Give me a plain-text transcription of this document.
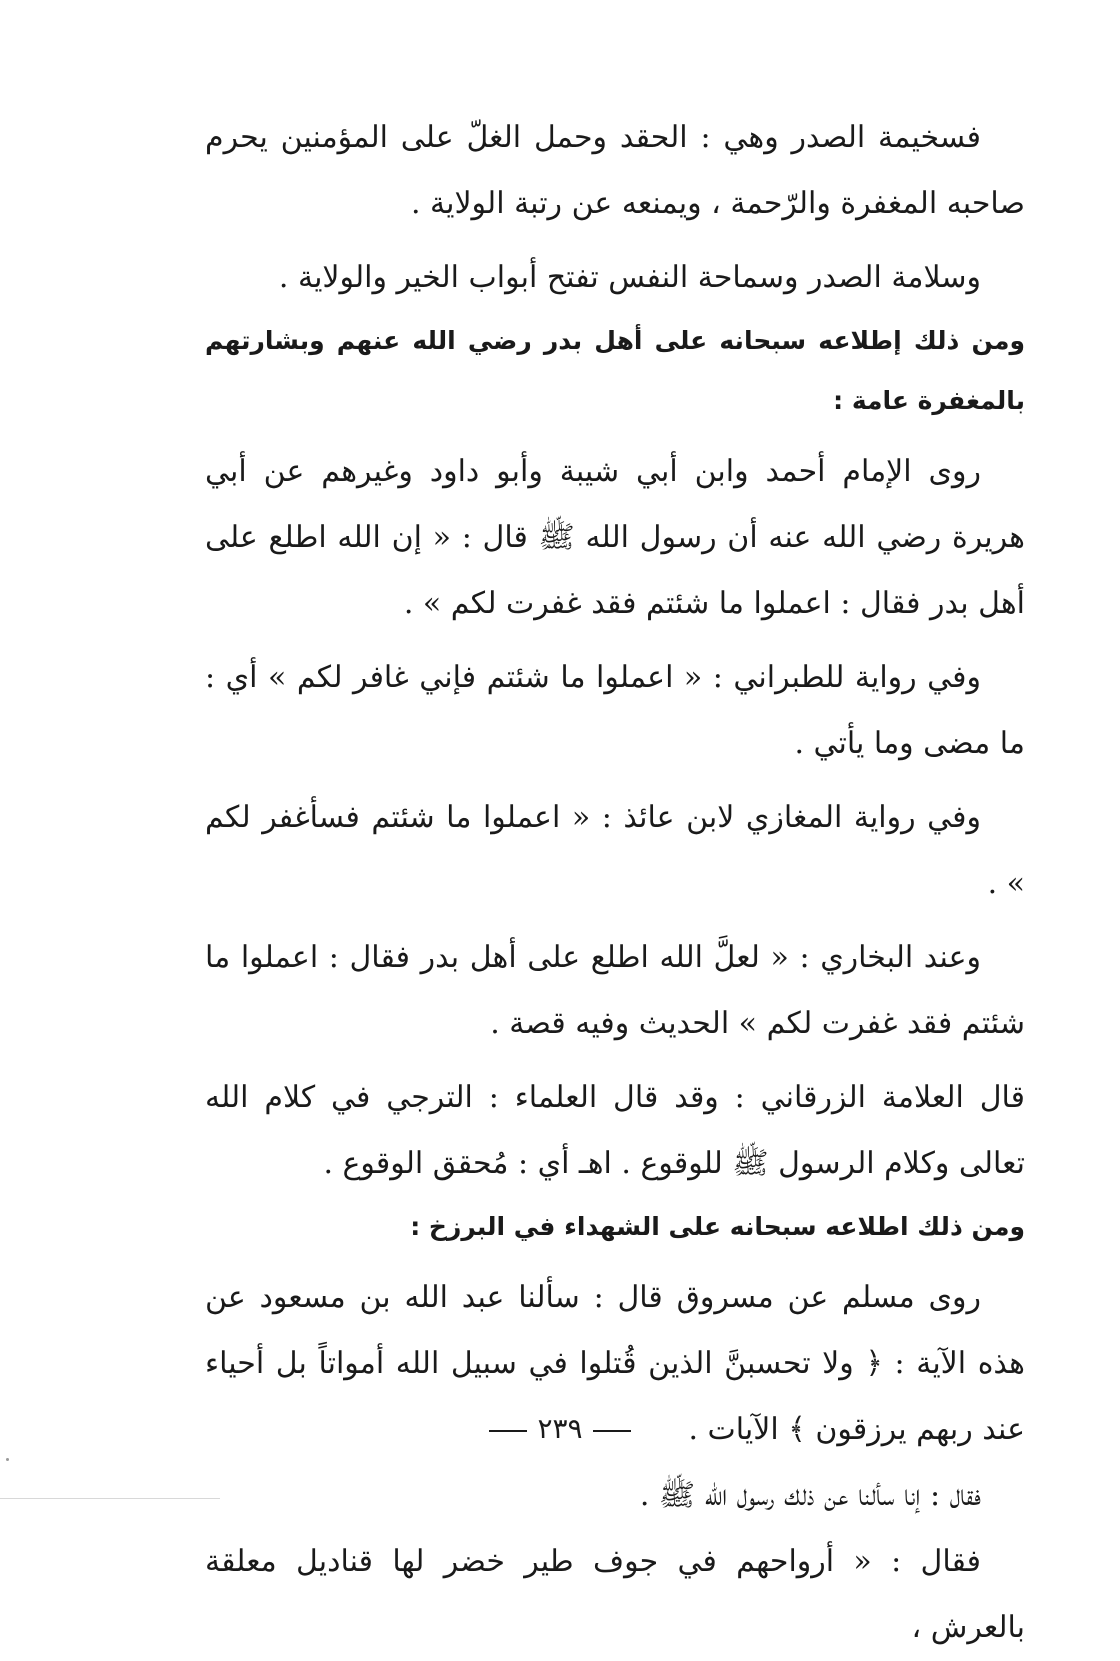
فسخيمة الصدر وهي : الحقد وحمل الغلّ على المؤمنين يحرم صاحبه المغفرة والرّحمة ، ويمنعه عن رتبة الولاية .

وسلامة الصدر وسماحة النفس تفتح أبواب الخير والولاية .

ومن ذلك إطلاعه سبحانه على أهل بدر رضي الله عنهم وبشارتهم بالمغفرة عامة :

روى الإمام أحمد وابن أبي شيبة وأبو داود وغيرهم عن أبي هريرة رضي الله عنه أن رسول الله ﷺ قال : « إن الله اطلع على أهل بدر فقال : اعملوا ما شئتم فقد غفرت لكم » .

وفي رواية للطبراني : « اعملوا ما شئتم فإني غافر لكم » أي : ما مضى وما يأتي .

وفي رواية المغازي لابن عائذ : « اعملوا ما شئتم فسأغفر لكم » .

وعند البخاري : « لعلَّ الله اطلع على أهل بدر فقال : اعملوا ما شئتم فقد غفرت لكم » الحديث وفيه قصة .

قال العلامة الزرقاني : وقد قال العلماء : الترجي في كلام الله تعالى وكلام الرسول ﷺ للوقوع . اهـ أي : مُحقق الوقوع .

ومن ذلك اطلاعه سبحانه على الشهداء في البرزخ :

روى مسلم عن مسروق قال : سألنا عبد الله بن مسعود عن هذه الآية : ﴿ ولا تحسبنَّ الذين قُتلوا في سبيل الله أمواتاً بل أحياء عند ربهم يرزقون ﴾ الآيات .

فقال : إنا سألنا عن ذلك رسول الله ﷺ .

فقال : « أرواحهم في جوف طير خضر لها قناديل معلقة بالعرش ،

٢٣٩
